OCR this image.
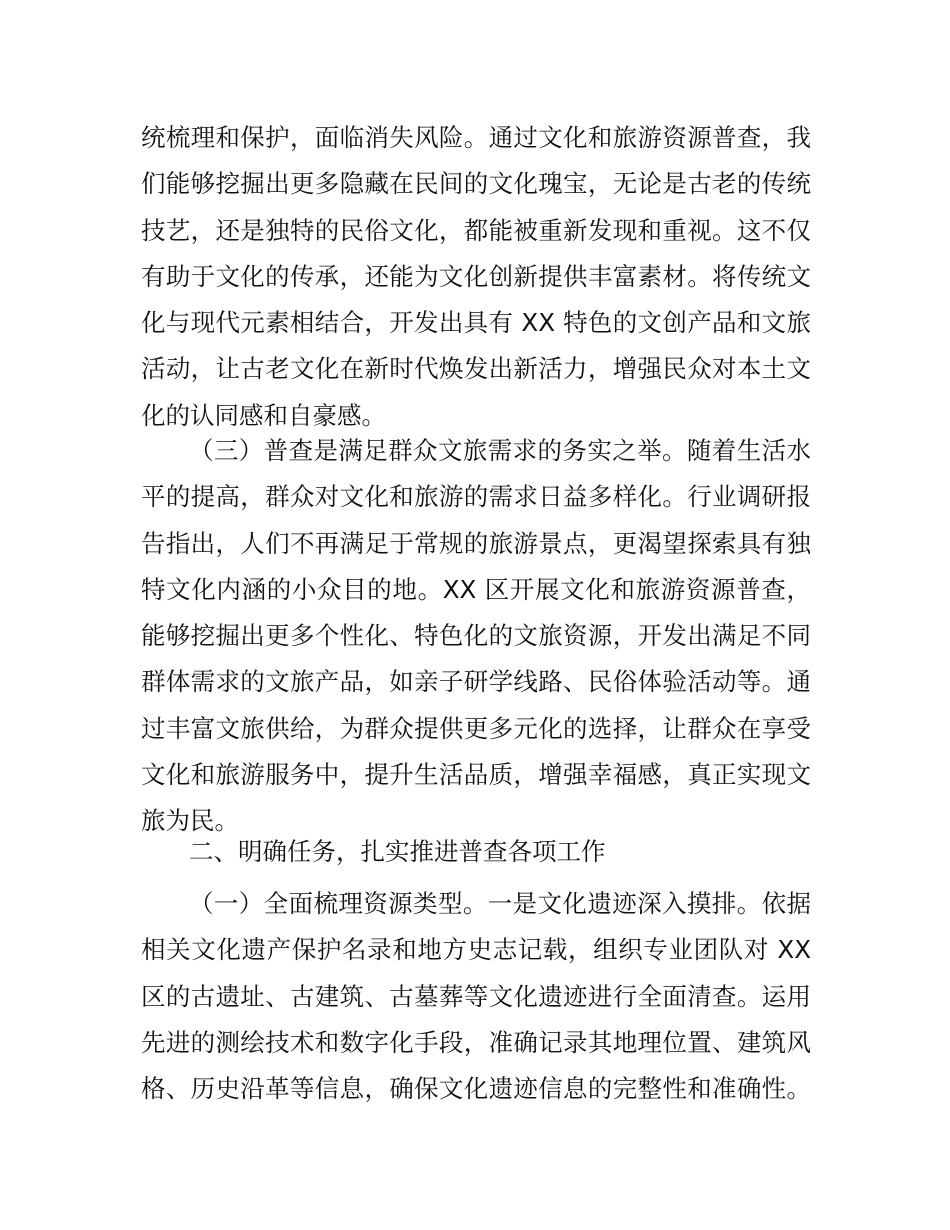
统梳理和保护，面临消失风险。通过文化和旅游资源普查，我
们能够挖掘出更多隐藏在民间的文化瑰宝，无论是古老的传统
技艺，还是独特的民俗文化，都能被重新发现和重视。这不仅
有助于文化的传承，还能为文化创新提供丰富素材。将传统文
化与现代元素相结合，开发出具有 XX 特色的文创产品和文旅
活动，让古老文化在新时代焕发出新活力，增强民众对本土文
化的认同感和自豪感。
（三）普查是满足群众文旅需求的务实之举。随着生活水
平的提高，群众对文化和旅游的需求日益多样化。行业调研报
告指出，人们不再满足于常规的旅游景点，更渴望探索具有独
特文化内涵的小众目的地。XX 区开展文化和旅游资源普查，
能够挖掘出更多个性化、特色化的文旅资源，开发出满足不同
群体需求的文旅产品，如亲子研学线路、民俗体验活动等。通
过丰富文旅供给，为群众提供更多元化的选择，让群众在享受
文化和旅游服务中，提升生活品质，增强幸福感，真正实现文
旅为民。
二、明确任务，扎实推进普查各项工作
（一）全面梳理资源类型。一是文化遗迹深入摸排。依据
相关文化遗产保护名录和地方史志记载，组织专业团队对 XX
区的古遗址、古建筑、古墓葬等文化遗迹进行全面清查。运用
先进的测绘技术和数字化手段，准确记录其地理位置、建筑风
格、历史沿革等信息，确保文化遗迹信息的完整性和准确性。
